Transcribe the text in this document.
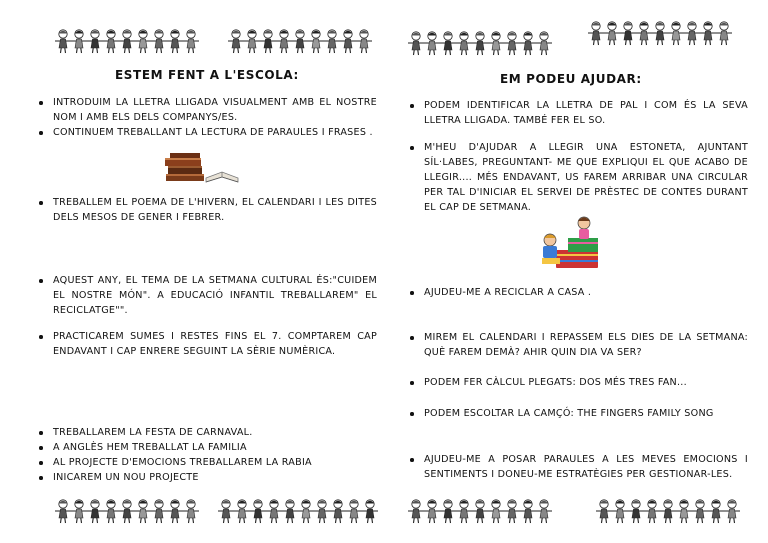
ESTEM FENT A L'ESCOLA:
INTRODUIM LA LLETRA LLIGADA VISUALMENT AMB EL NOSTRE NOM I AMB ELS DELS COMPANYS/ES.
CONTINUEM TREBALLANT LA LECTURA DE PARAULES I FRASES .
TREBALLEM EL POEMA DE L'HIVERN, EL CALENDARI I LES DITES DELS MESOS DE GENER I FEBRER.
AQUEST ANY, EL TEMA DE LA SETMANA CULTURAL ÉS:"CUIDEM EL NOSTRE MÓN". A EDUCACIÓ INFANTIL TREBALLAREM" EL RECICLATGE"".
PRACTICAREM SUMES I RESTES FINS EL 7. COMPTAREM CAP ENDAVANT I CAP ENRERE SEGUINT LA SÈRIE NUMÈRICA.
TREBALLAREM LA FESTA DE CARNAVAL.
A ANGLÈS HEM TREBALLAT LA FAMILIA
AL PROJECTE D'EMOCIONS TREBALLAREM LA RABIA
INICAREM UN NOU PROJECTE
EM PODEU AJUDAR:
PODEM IDENTIFICAR LA LLETRA DE PAL I COM ÉS LA SEVA LLETRA LLIGADA. TAMBÉ FER EL SO.
M'HEU D'AJUDAR A LLEGIR UNA ESTONETA, AJUNTANT SÍL·LABES, PREGUNTANT- ME QUE EXPLIQUI EL QUE ACABO DE LLEGIR.... MÉS ENDAVANT, US FAREM ARRIBAR UNA CIRCULAR PER TAL D'INICIAR EL SERVEI DE PRÈSTEC DE CONTES DURANT EL CAP DE SETMANA.
AJUDEU-ME A RECICLAR A CASA .
MIREM EL CALENDARI I REPASSEM ELS DIES DE LA SETMANA: QUÈ FAREM DEMÀ? AHIR QUIN DIA VA SER?
PODEM FER CÀLCUL PLEGATS: DOS MÉS TRES FAN...
PODEM ESCOLTAR LA CAMÇÓ: THE FINGERS FAMILY SONG
AJUDEU-ME A POSAR PARAULES A LES MEVES EMOCIONS I SENTIMENTS I DONEU-ME ESTRATÈGIES PER GESTIONAR-LES.
